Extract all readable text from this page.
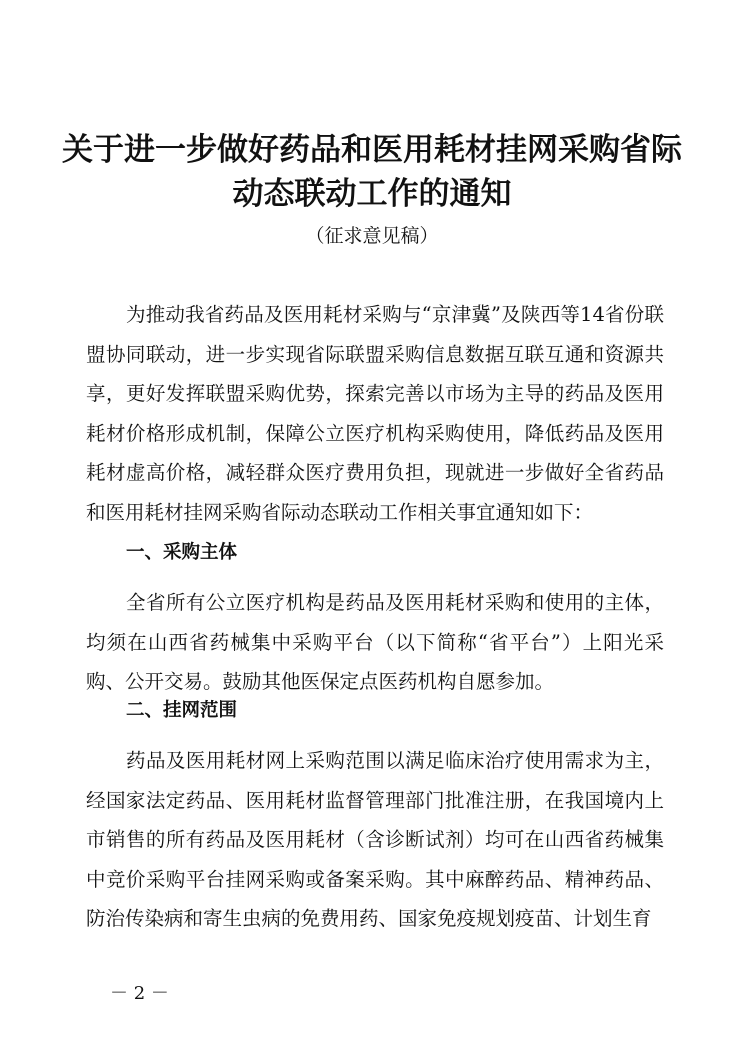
关于进一步做好药品和医用耗材挂网采购省际
动态联动工作的通知
（征求意见稿）

为推动我省药品及医用耗材采购与“京津冀”及陕西等14省份联盟协同联动，进一步实现省际联盟采购信息数据互联互通和资源共享，更好发挥联盟采购优势，探索完善以市场为主导的药品及医用耗材价格形成机制，保障公立医疗机构采购使用，降低药品及医用耗材虚高价格，减轻群众医疗费用负担，现就进一步做好全省药品和医用耗材挂网采购省际动态联动工作相关事宜通知如下：

一、采购主体

全省所有公立医疗机构是药品及医用耗材采购和使用的主体，均须在山西省药械集中采购平台（以下简称“省平台”）上阳光采购、公开交易。鼓励其他医保定点医药机构自愿参加。

二、挂网范围

药品及医用耗材网上采购范围以满足临床治疗使用需求为主，经国家法定药品、医用耗材监督管理部门批准注册，在我国境内上市销售的所有药品及医用耗材（含诊断试剂）均可在山西省药械集中竞价采购平台挂网采购或备案采购。其中麻醉药品、精神药品、防治传染病和寄生虫病的免费用药、国家免疫规划疫苗、计划生育

－ 2 －
